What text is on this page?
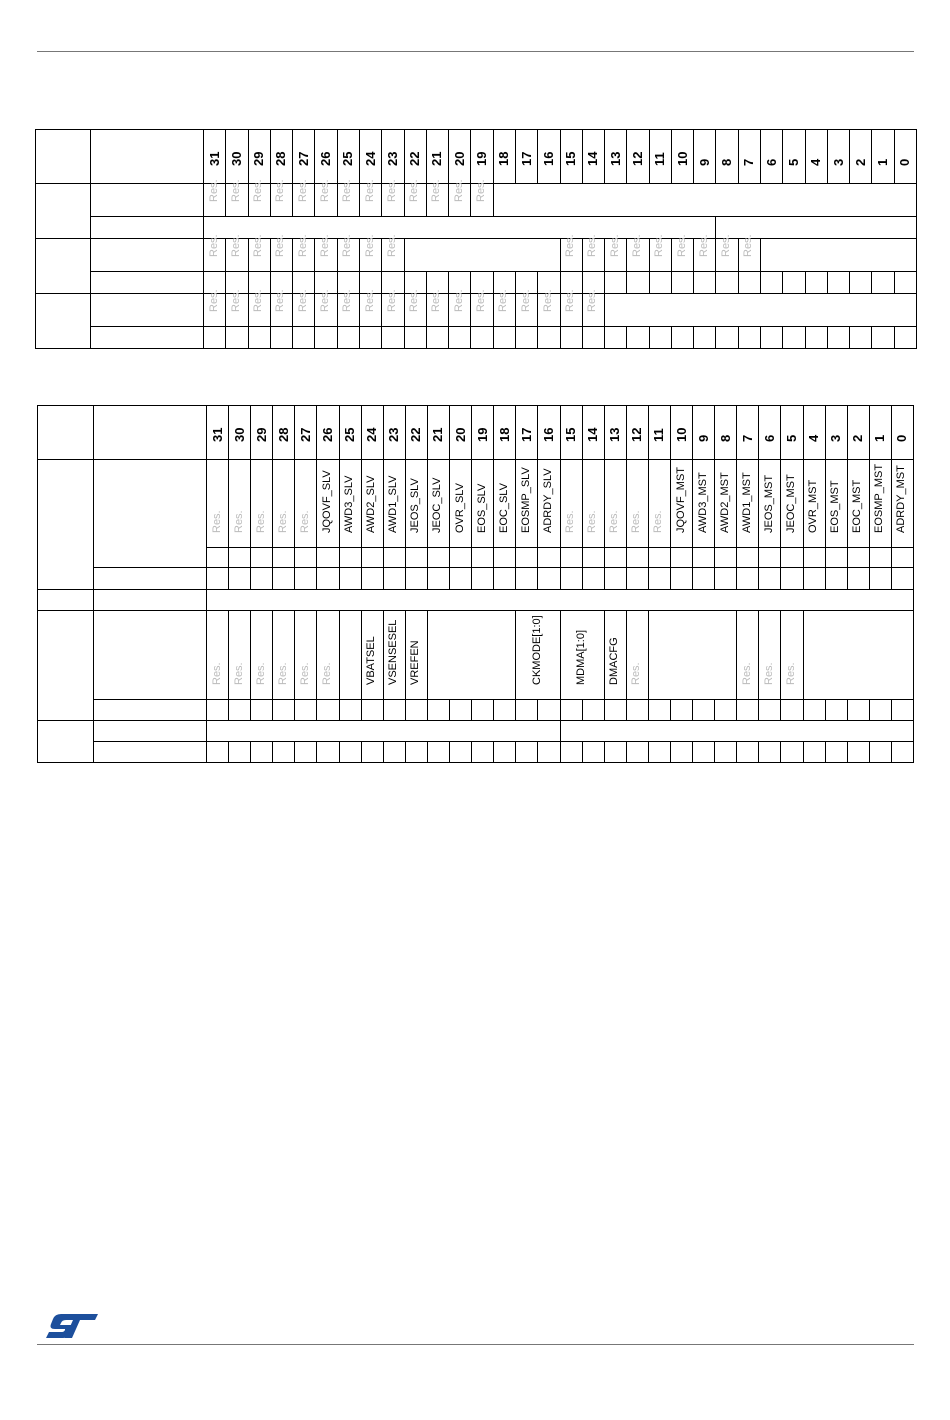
		31	30	29	28	27	26	25	24	23	22	21	20	19	18	17	16	15	14	13	12	11	10	9	8	7	6	5	4	3	2	1	0

		Res.	Res.	Res.	Res.	Res.	Res.	Res.	Res.	Res.	Res.	Res.	Res.	Res.																			

		Res.	Res.	Res.	Res.	Res.	Res.	Res.	Res.	Res.								Res.	Res.	Res.	Res.	Res.	Res.	Res.	Res.	Res.							

		Res.	Res.	Res.	Res.	Res.	Res.	Res.	Res.	Res.	Res.	Res.	Res.	Res.	Res.	Res.	Res.	Res.	Res.														

		31	30	29	28	27	26	25	24	23	22	21	20	19	18	17	16	15	14	13	12	11	10	9	8	7	6	5	4	3	2	1	0

		Res.	Res.	Res.	Res.	Res.	JQOVF_SLV	AWD3_SLV	AWD2_SLV	AWD1_SLV	JEOS_SLV	JEOC_SLV	OVR_SLV	EOS_SLV	EOC_SLV	EOSMP_SLV	ADRDY_SLV	Res.	Res.	Res.	Res.	Res.	JQOVF_MST	AWD3_MST	AWD2_MST	AWD1_MST	JEOS_MST	JEOC_MST	OVR_MST	EOS_MST	EOC_MST	EOSMP_MST	ADRDY_MST

		Res.	Res.	Res.	Res.	Res.	Res.		VBATSEL	VSENSESEL	VREFEN					CKMODE[1:0]		MDMA[1:0]		DMACFG	Res.					Res.	Res.	Res.					
